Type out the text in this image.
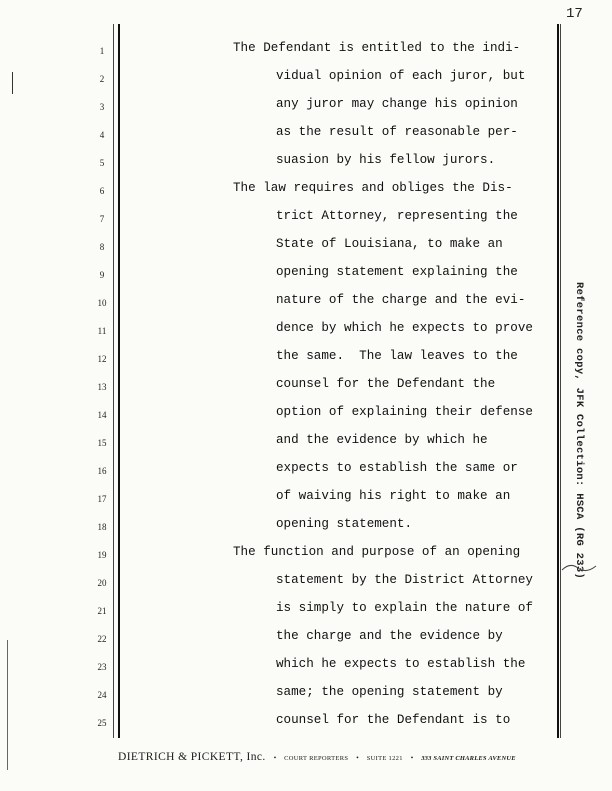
17
1
2
3
4
5
6
7
8
9
10
11
12
13
14
15
16
17
18
19
20
21
22
23
24
25
The Defendant is entitled to the indi-
vidual opinion of each juror, but
any juror may change his opinion
as the result of reasonable per-
suasion by his fellow jurors.
The law requires and obliges the Dis-
trict Attorney, representing the
State of Louisiana, to make an
opening statement explaining the
nature of the charge and the evi-
dence by which he expects to prove
the same.  The law leaves to the
counsel for the Defendant the
option of explaining their defense
and the evidence by which he
expects to establish the same or
of waiving his right to make an
opening statement.
The function and purpose of an opening
statement by the District Attorney
is simply to explain the nature of
the charge and the evidence by
which he expects to establish the
same; the opening statement by
counsel for the Defendant is to
Reference copy, JFK Collection: HSCA (RG 233)
DIETRICH & PICKETT, Inc. • COURT REPORTERS • SUITE 1221 • 333 SAINT CHARLES AVENUE
